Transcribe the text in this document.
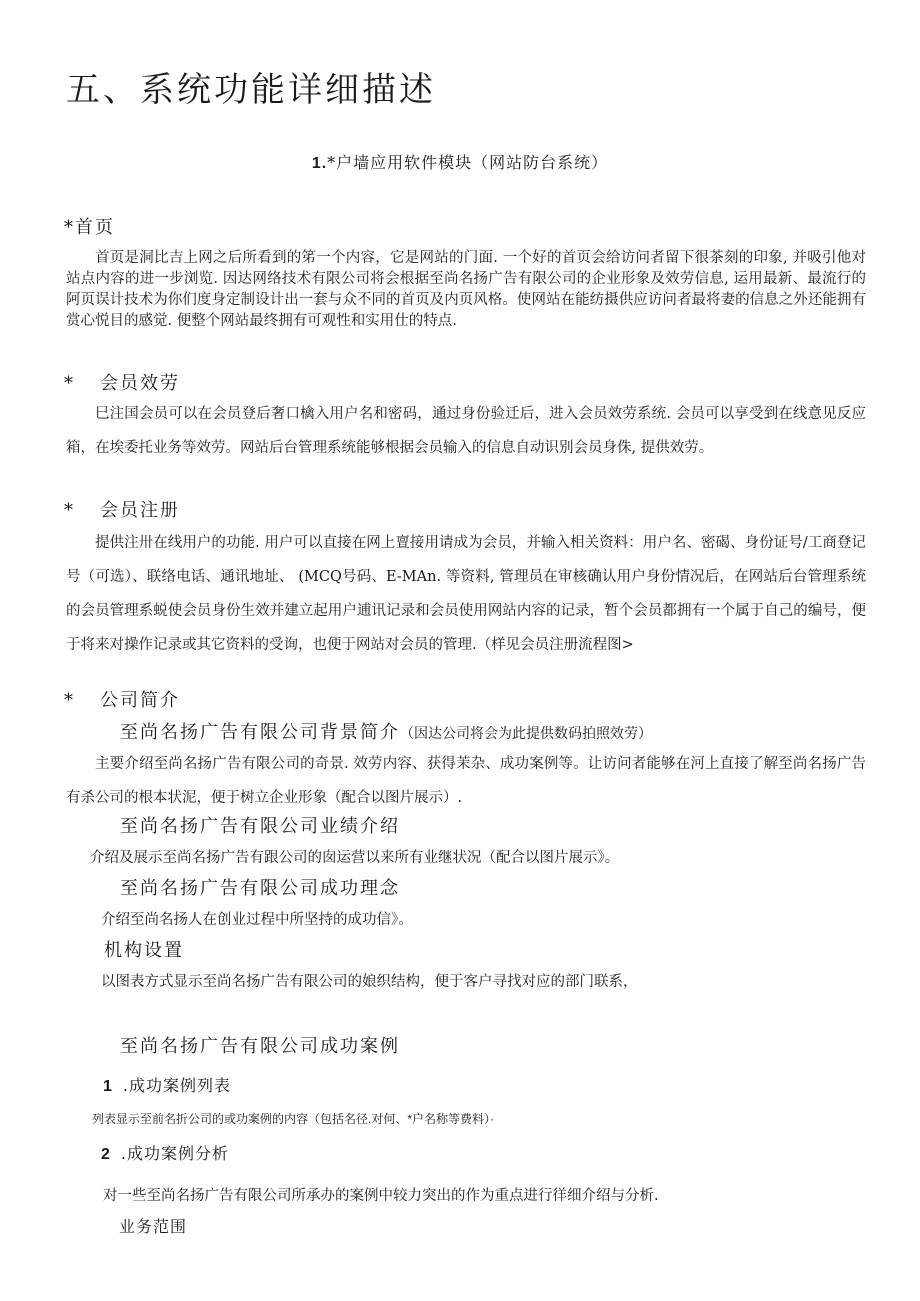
五、系统功能详细描述
1.*户墙应用软件模块（网站防台系统）
*首页
首页是洞比吉上网之后所看到的笫一个内容，它是网站的门面. 一个好的首页会给访问者留下很茶刻的印象, 并吸引他对站点内容的进一步浏览. 因达网络技术有限公司将会根据至尚名扬广告有限公司的企业形象及效劳信息, 运用最新、最流行的阿页误计技术为你们度身定制设计出一套与众不同的首页及内页风格。使网站在能纺摄供应访问者最将妻的信息之外还能拥有赏心悦目的感觉. 便整个网站最终拥有可观性和实用仕的特点.
* 会员效劳
巳注国会员可以在会员登后奢口檎入用户名和密码，通过身份验迁后，进入会员效劳系统. 会员可以享受到在线意见反应箱，在埃委托业务等效劳。网站后台管理系统能够根据会员输入的信息自动识别会员身侏, 提供效劳。
* 会员注册
提供注卅在线用户的功能. 用户可以直接在网上亶接用请成为会员，并输入相关资料：用户名、密碣、身份证号/工商登记号（可选）、联络电话、通讯地址、 (MCQ号码、E-MAn. 等资料, 管理员在审核确认用户身份情况后，在网站后台管理系统的会员管理系蜕使会员身份生效并建立起用户逋讯记录和会员使用网站内容的记录，暂个会员都拥有一个属于自己的编号，便于将来对操作记录或其它资料的受询，也便于网站对会员的管理.（样见会员注册流程图>
* 公司简介
至尚名扬广告有限公司背景简介（因达公司将会为此提供数码拍照效劳）
主要介绍至尚名扬广告有限公司的奇景. 效劳内容、获得茉杂、成功案例等。让访问者能够在河上直接了解至尚名扬广告有杀公司的根本状泥，便于树立企业形象（配合以图片展示）.
至尚名扬广告有限公司业绩介绍
介绍及展示至尚名扬广告有跟公司的囱运营以来所有业继状况（配合以图片展示》。
至尚名扬广告有限公司成功理念
介绍至尚名扬人在创业过程中所坚持的成功信》。
机构设置
以图表方式显示至尚名扬广告有限公司的娘织结构，便于客户寻找对应的部门联系，
至尚名扬广告有限公司成功案例
1 .成功案例列表
列表显示至前名折公司的或功案例的内容（包括名径.对何、*户名称等费料）·
2 .成功案例分析
对一些至尚名扬广告有限公司所承办的案例中较力突出的作为重点进行徉细介绍与分析.
业务范围
